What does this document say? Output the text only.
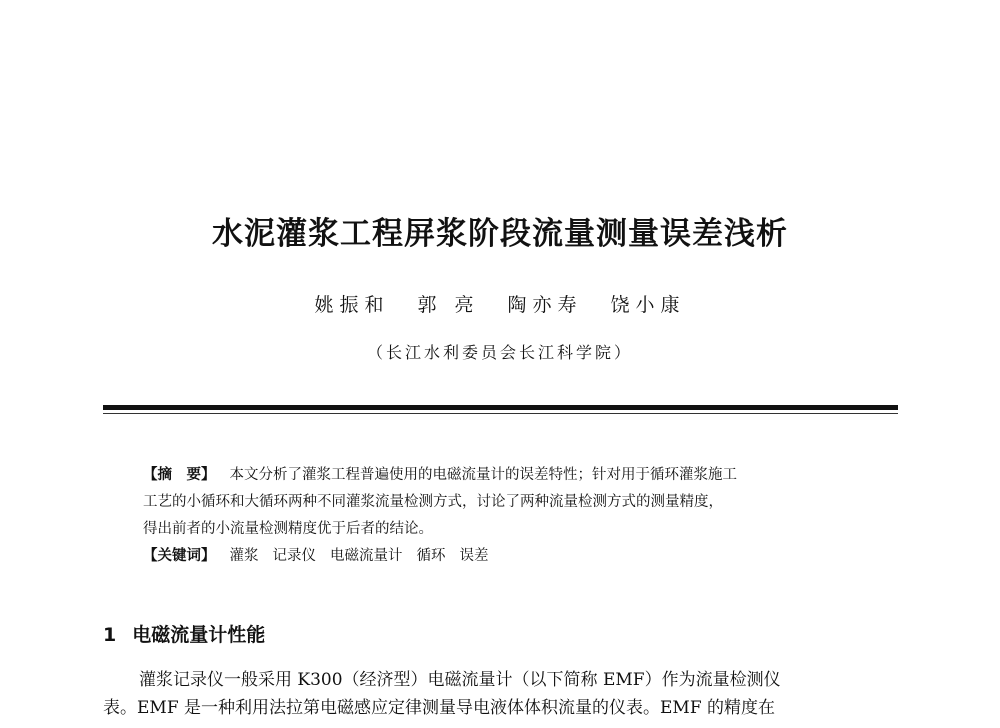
水泥灌浆工程屏浆阶段流量测量误差浅析
姚振和 郭 亮 陶亦寿 饶小康
（长江水利委员会长江科学院）
【摘　要】 本文分析了灌浆工程普遍使用的电磁流量计的误差特性；针对用于循环灌浆施工
工艺的小循环和大循环两种不同灌浆流量检测方式，讨论了两种流量检测方式的测量精度，
得出前者的小流量检测精度优于后者的结论。
【关键词】 灌浆 记录仪 电磁流量计 循环 误差
1 电磁流量计性能
灌浆记录仪一般采用 K300（经济型）电磁流量计（以下简称 EMF）作为流量检测仪
表。EMF 是一种利用法拉第电磁感应定律测量导电液体体积流量的仪表。EMF 的精度在
